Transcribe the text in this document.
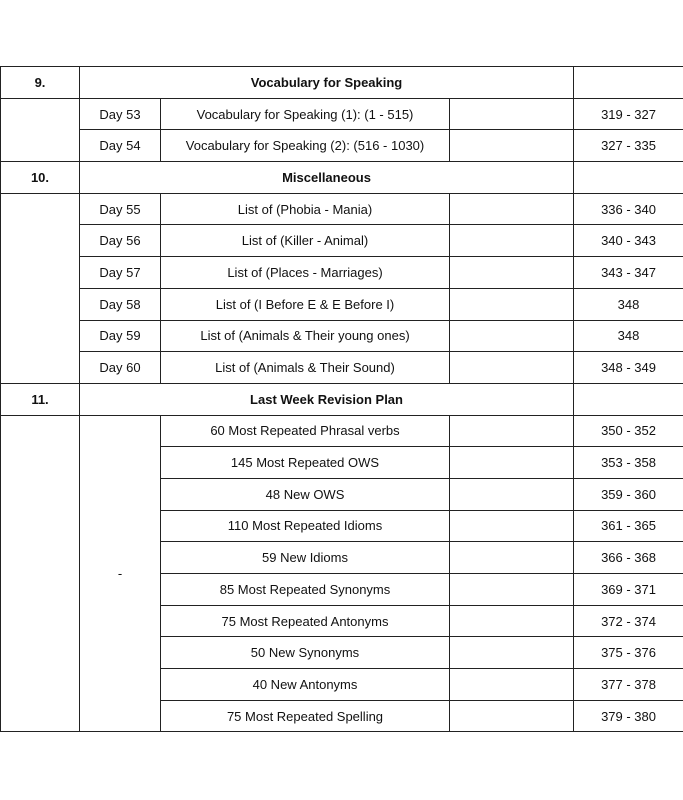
9.	Vocabulary for Speaking			
	Day 53	Vocabulary for Speaking (1): (1 - 515)		319 - 327
	Day 54	Vocabulary for Speaking (2): (516 - 1030)		327 - 335
10.	Miscellaneous			
	Day 55	List of (Phobia - Mania)		336 - 340
	Day 56	List of (Killer - Animal)		340 - 343
	Day 57	List of (Places - Marriages)		343 - 347
	Day 58	List of (I Before E & E Before I)		348
	Day 59	List of (Animals & Their young ones)		348
	Day 60	List of (Animals & Their Sound)		348 - 349
11.	Last Week Revision Plan			
	-	60 Most Repeated Phrasal verbs		350 - 352
		145 Most Repeated OWS		353 - 358
		48 New OWS		359 - 360
		110 Most Repeated Idioms		361 - 365
		59 New Idioms		366 - 368
		85 Most Repeated Synonyms		369 - 371
		75 Most Repeated Antonyms		372 - 374
		50 New Synonyms		375 - 376
		40 New Antonyms		377 - 378
		75 Most Repeated Spelling		379 - 380
